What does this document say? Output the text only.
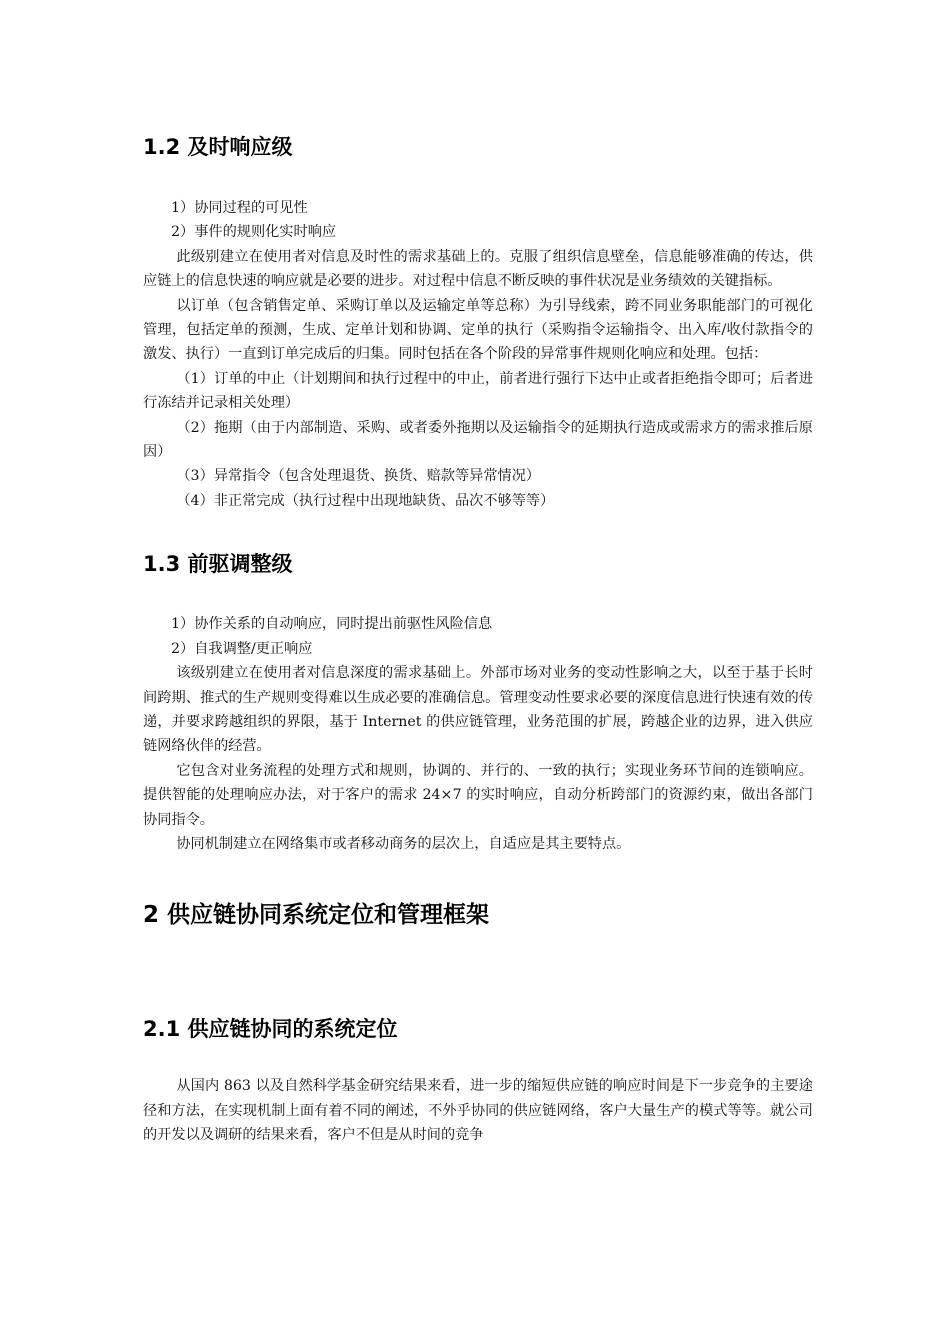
1.2 及时响应级

1）协同过程的可见性

2）事件的规则化实时响应

此级别建立在使用者对信息及时性的需求基础上的。克服了组织信息壁垒，信息能够准确的传达，供应链上的信息快速的响应就是必要的进步。对过程中信息不断反映的事件状况是业务绩效的关键指标。

以订单（包含销售定单、采购订单以及运输定单等总称）为引导线索，跨不同业务职能部门的可视化管理，包括定单的预测，生成、定单计划和协调、定单的执行（采购指令运输指令、出入库/收付款指令的激发、执行）一直到订单完成后的归集。同时包括在各个阶段的异常事件规则化响应和处理。包括：

（1）订单的中止（计划期间和执行过程中的中止，前者进行强行下达中止或者拒绝指令即可；后者进行冻结并记录相关处理）

（2）拖期（由于内部制造、采购、或者委外拖期以及运输指令的延期执行造成或需求方的需求推后原因）

（3）异常指令（包含处理退货、换货、赔款等异常情况）

（4）非正常完成（执行过程中出现地缺货、品次不够等等）

1.3 前驱调整级

1）协作关系的自动响应，同时提出前驱性风险信息

2）自我调整/更正响应

该级别建立在使用者对信息深度的需求基础上。外部市场对业务的变动性影响之大，以至于基于长时间跨期、推式的生产规则变得难以生成必要的准确信息。管理变动性要求必要的深度信息进行快速有效的传递，并要求跨越组织的界限，基于 Internet 的供应链管理，业务范围的扩展，跨越企业的边界，进入供应链网络伙伴的经营。

它包含对业务流程的处理方式和规则，协调的、并行的、一致的执行；实现业务环节间的连锁响应。提供智能的处理响应办法，对于客户的需求 24×7 的实时响应，自动分析跨部门的资源约束，做出各部门协同指令。

协同机制建立在网络集市或者移动商务的层次上，自适应是其主要特点。

2 供应链协同系统定位和管理框架
2.1 供应链协同的系统定位

从国内 863 以及自然科学基金研究结果来看，进一步的缩短供应链的响应时间是下一步竞争的主要途径和方法，在实现机制上面有着不同的阐述，不外乎协同的供应链网络，客户大量生产的模式等等。就公司的开发以及调研的结果来看，客户不但是从时间的竞争
